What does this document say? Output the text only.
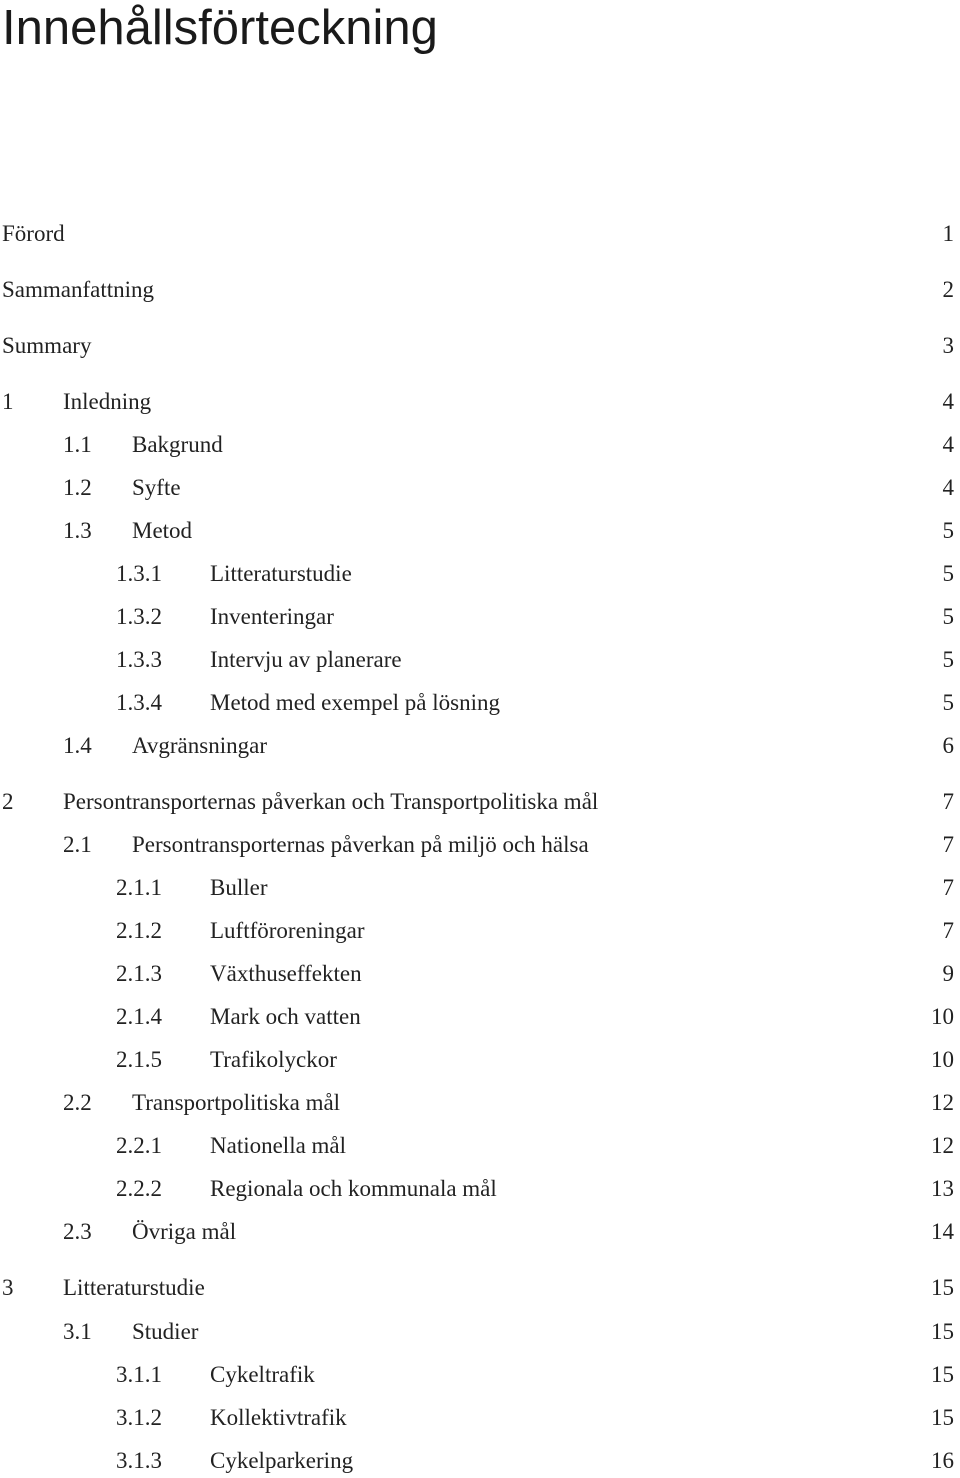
Innehållsförteckning
Förord	1
Sammanfattning	2
Summary	3
1 Inledning	4
1.1 Bakgrund	4
1.2 Syfte	4
1.3 Metod	5
1.3.1 Litteraturstudie	5
1.3.2 Inventeringar	5
1.3.3 Intervju av planerare	5
1.3.4 Metod med exempel på lösning	5
1.4 Avgränsningar	6
2 Persontransporternas påverkan och Transportpolitiska mål	7
2.1 Persontransporternas påverkan på miljö och hälsa	7
2.1.1 Buller	7
2.1.2 Luftföroreningar	7
2.1.3 Växthuseffekten	9
2.1.4 Mark och vatten	10
2.1.5 Trafikolyckor	10
2.2 Transportpolitiska mål	12
2.2.1 Nationella mål	12
2.2.2 Regionala och kommunala mål	13
2.3 Övriga mål	14
3 Litteraturstudie	15
3.1 Studier	15
3.1.1 Cykeltrafik	15
3.1.2 Kollektivtrafik	15
3.1.3 Cykelparkering	16
